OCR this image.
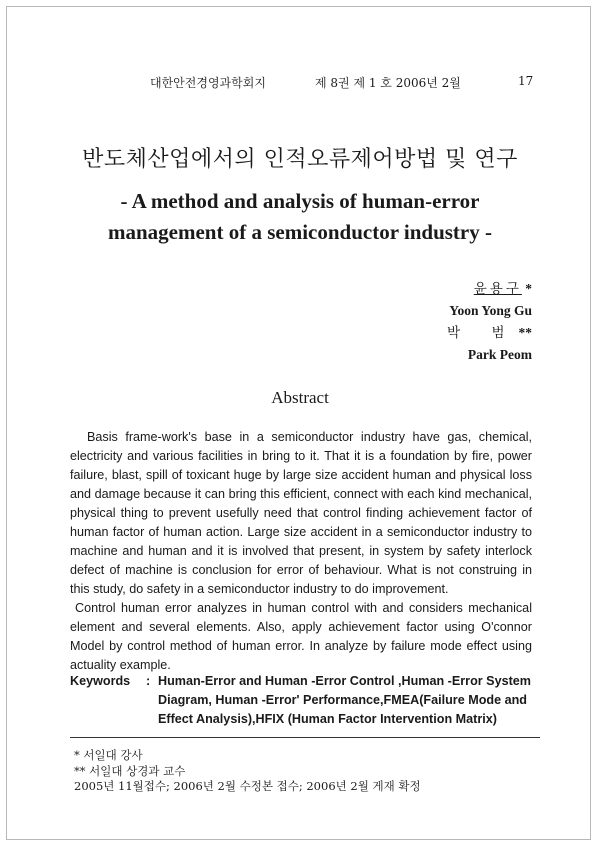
대한안전경영과학회지	제 8권 제 1 호 2006년 2월	17
반도체산업에서의 인적오류제어방법 및 연구
- A method and analysis of human-error
management of a semiconductor industry -
윤용구 *
Yoon Yong Gu
박 범**
Park Peom
Abstract

Basis frame-work's base in a semiconductor industry have gas, chemical, electricity and various facilities in bring to it. That it is a foundation by fire, power failure, blast, spill of toxicant huge by large size accident human and physical loss and damage because it can bring this efficient, connect with each kind mechanical, physical thing to prevent usefully need that control finding achievement factor of human factor of human action. Large size accident in a semiconductor industry to machine and human and it is involved that present, in system by safety interlock defect of machine is conclusion for error of behaviour. What is not construing in this study, do safety in a semiconductor industry to do improvement.

Control human error analyzes in human control with and considers mechanical element and several elements. Also, apply achievement factor using O'connor Model by control method of human error. In analyze by failure mode effect using actuality example.

Keywords : Human-Error and Human -Error Control ,Human -Error System Diagram, Human -Error' Performance,FMEA(Failure Mode and Effect Analysis),HFIX (Human Factor Intervention Matrix)
* 서일대 강사
** 서일대 상경과 교수
2005년 11월접수; 2006년 2월 수정본 접수; 2006년 2월 게재 확정
